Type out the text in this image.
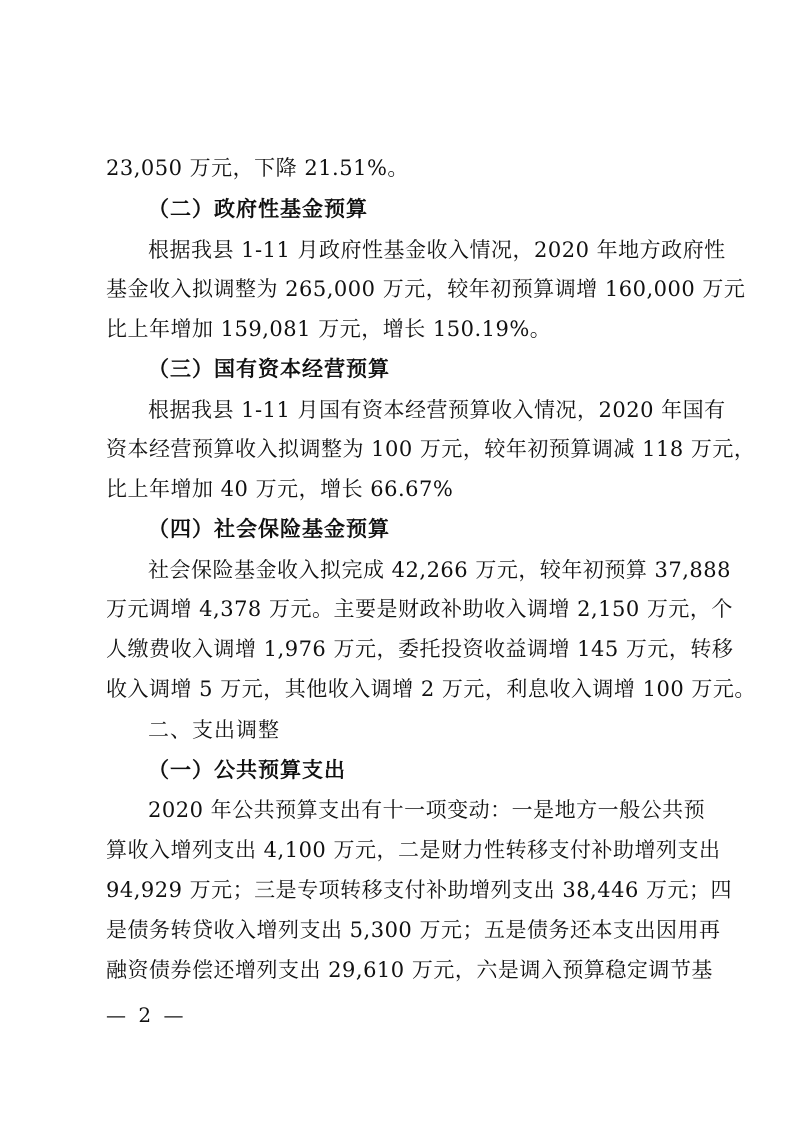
23,050 万元，下降 21.51%。
（二）政府性基金预算
根据我县 1-11 月政府性基金收入情况，2020 年地方政府性
基金收入拟调整为 265,000 万元，较年初预算调增 160,000 万元
比上年增加 159,081 万元，增长 150.19%。
（三）国有资本经营预算
根据我县 1-11 月国有资本经营预算收入情况，2020 年国有
资本经营预算收入拟调整为 100 万元，较年初预算调减 118 万元，
比上年增加 40 万元，增长 66.67%
（四）社会保险基金预算
社会保险基金收入拟完成 42,266 万元，较年初预算 37,888
万元调增 4,378 万元。主要是财政补助收入调增 2,150 万元，个
人缴费收入调增 1,976 万元，委托投资收益调增 145 万元，转移
收入调增 5 万元，其他收入调增 2 万元，利息收入调增 100 万元。
二、支出调整
（一）公共预算支出
2020 年公共预算支出有十一项变动：一是地方一般公共预
算收入增列支出 4,100 万元，二是财力性转移支付补助增列支出
94,929 万元；三是专项转移支付补助增列支出 38,446 万元；四
是债务转贷收入增列支出 5,300 万元；五是债务还本支出因用再
融资债券偿还增列支出 29,610 万元，六是调入预算稳定调节基
— 2 —
